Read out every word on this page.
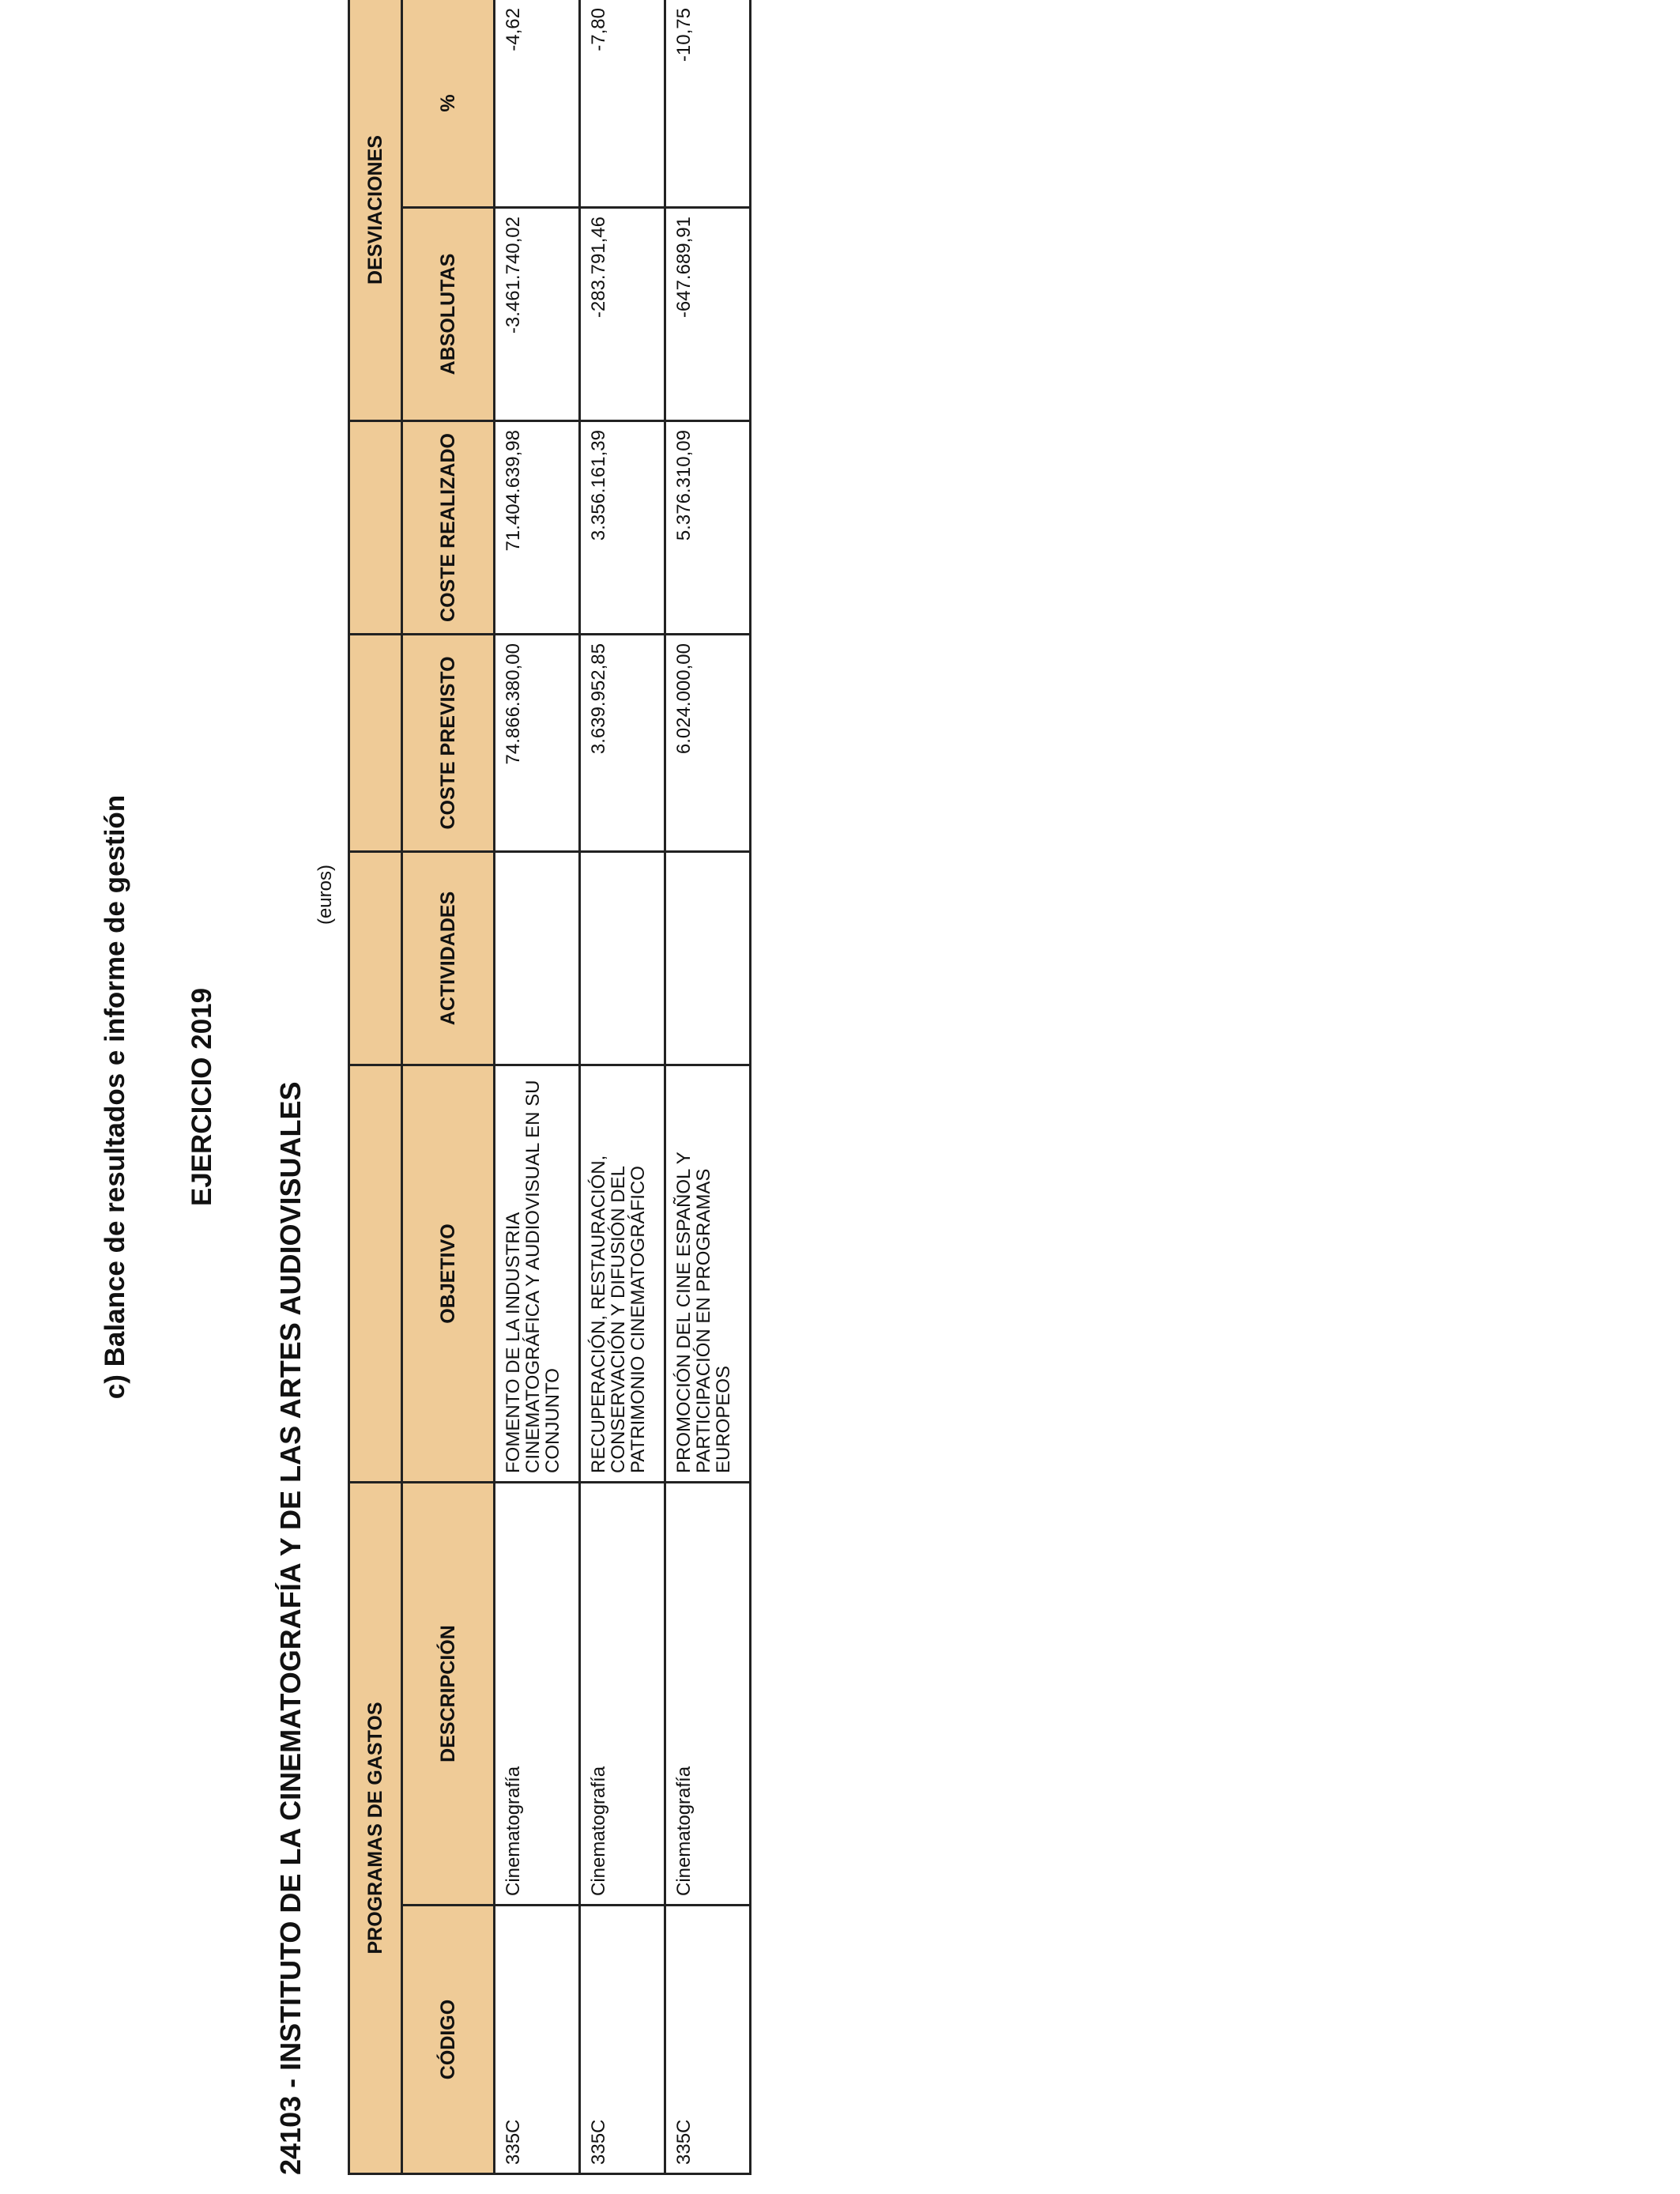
c) Balance de resultados e informe de gestión EJERCICIO 2019 24103 - INSTITUTO DE LA CINEMATOGRAFÍA Y DE LAS ARTES AUDIOVISUALES
(euros)
PROGRAMAS DE GASTOS						DESVIACIONES	
CÓDIGO	DESCRIPCIÓN	OBJETIVO	ACTIVIDADES	COSTE PREVISTO	COSTE REALIZADO	ABSOLUTAS	%
335C	Cinematografía	FOMENTO DE LA INDUSTRIA CINEMATOGRÁFICA Y AUDIOVISUAL EN SU CONJUNTO		74.866.380,00	71.404.639,98	-3.461.740,02	-4,62
335C	Cinematografía	RECUPERACIÓN, RESTAURACIÓN, CONSERVACIÓN Y DIFUSIÓN DEL PATRIMONIO CINEMATOGRÁFICO		3.639.952,85	3.356.161,39	-283.791,46	-7,80
335C	Cinematografía	PROMOCIÓN DEL CINE ESPAÑOL Y PARTICIPACIÓN EN PROGRAMAS EUROPEOS		6.024.000,00	5.376.310,09	-647.689,91	-10,75
